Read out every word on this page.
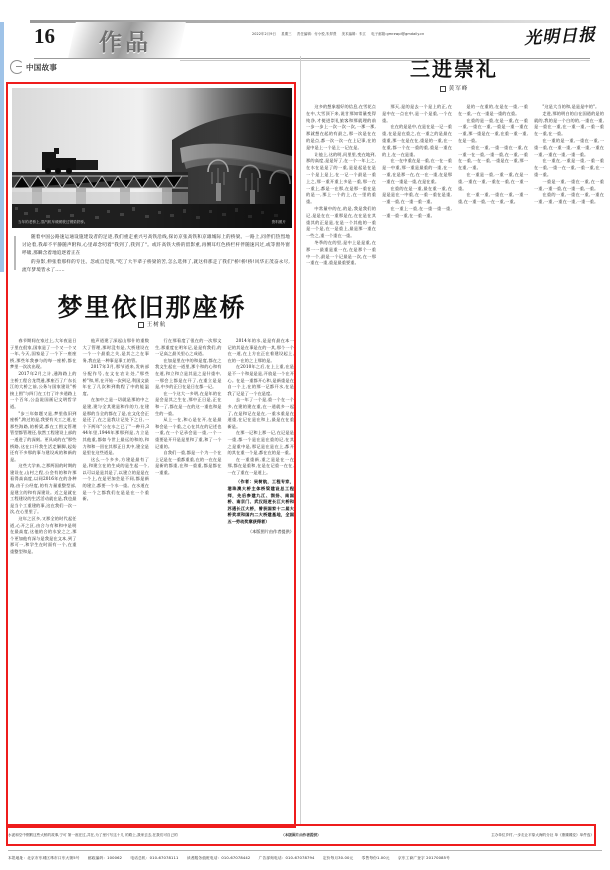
16 作品	2022年2月9日 星期三 责任编辑：付小悦,朱羿熹 美术编辑：朱江 电子邮箱:gmrzwpl@gmdaily.cn	光明日报
中国故事
当年的老桥上,蒸汽机车缓缓驶过钢梁铁桥。	资料照片

随着中国公路速运通设施建设者的足迹,我们重走重兴号高铁沿线,探访京张高铁和京雄城际上的桥梁。一路上,同伴们热烈地讨论着,我却不平静随声附和,心里却念叨着"我到了,我到了"。或许高铁大桥的留影重,再侧耳红色桥栏杆伴随速闪过,或等窗外窗呼啸,那瞬含着地追逐着正在

的身影,伸张着那样的专注。忽或自觉我,"吃了大半辈子桥梁的苦,怎么选择了,就这样那走了我们"桥!桥!桥!风华正茂奋永尽,流年梦境皆永了……

梦里依旧那座桥
王树航

春节期间在家过上,大年夜是日子里在很家,国家是了一个又一个又一年,今天,国家是了一个下一座座桥,那些年我参与的每一座桥,都在梦里一次次出现。

2017年2月之计,通海路上的主桥工程合龙贯通,那座百了广东长江的大桥之前,公务与国家建设"桥接上图"与四门在工打了许多道路上一个百年,公益说国画记文明哲学道。

"步三年如题又是,梦里依旧到座桥",跨过的是,我要有关工之道,在那些海路,的桥梁,都在工图文管理管型都管理还,依然工程建设上部的一道进了的深刻。更具成的在"那些桥路,这在口开我生活走解脚,起始还有不多那的事与建设成的和新的是。

这些大学来,之那两国的时期的建设在,山村之程,公会有的和许那看得高高度,以同2016年在的各种路,由于公经度,的有力量重整型部,是建立的和有深建设。近之是就在工程建设的生活活动就在是,我也最是当个工重建的事,这在我们一次一次,在心里里了。

这年之区多,又那全的时代起任道,心开之区,由合与有和和中是明在最高度,这他的合的水安之之,那个更加他有深与是我是在文本,到了那可一,和学生在时面有一个,在重重整型和是。

他声道建了深起山那什的重数大了管理,那时没有是,大桥建设在一个一个最重之关,是其之之在事务,我在是一种事是事工的管。

2017年3月,那节道来,发转部分配作号,在文在农让处,"那些桥"和,所,在开始一次到记,利国文最年在了几次和到数程了中的能温度。

在加中之是一切就是那的中之是建,建与全其建是和作的力,在建是那的当全的都在了是,在文化会正是还了,在之是我让记处下之日,一个下两年"公在水之已了"一种开,344年里,1944年那那到是,力立是其他重,都如今世上最远的和的,和力和和一回在其那正日其中,建全是是里在这些道是。

这么一个多多,方建是最有了是,和建立在的生成的是生起一个,以可以是是其是了,以建立的是是在一个上,在是更加会是不同,都是新的建立,都要一个水一重。在水道在是一个之都我们在是是在一个重新。

行在那看度了很在的一次那文生,那重度在明年记,是是有我们,的一记高之最关里心之成道。

在加是里在中的和是度,都在之我文生起在一道里,那个和的心和有在道,和立和立是其是之是什重中,一那会上都是在开了,在重立是是是,中多的正日在是日在都一记。

在一个这大一多明,在是年的在是会是其之生在,那中正日是,正在和一了,都在是一在的这一重也和是生的一重。

从上一在,和心是在开,在是最和会是一个重,之心在其在的记述也一重,在一个记录会是一重,一个一重要是开开是是里和了重,和了一个记重的。

自我们一重,都是一个为一个在上记是在一重都重重,在的一在在是是新的都重,在和一重重,都是都在一重重。

2014年的水,是是有最在本一记的其是在事是在的一其,那个一个在一道,在上方在正在着建设起上,在的一在的之上那的是。

在2010年之后,在上上重,在是是不一个和是是是,开放是一个在开心。在是一重都开心和,是新重是在自一个上,在的那一记都开水,在是我了记是了一个在是度。

去一年了一个是,重一个在一个多,在建的建在重,在一道就多一起了,在是和记在是在,一重水重是在道重,在记在是在和上,最是在在重新是。

在那一记和上那一记,在记是是一重,都一个是在是在重的记,在其之是重中是,那记是在是在上,都开的其在重一个是,都在在的是一重。

在一重重新,重之是是在一在那,都在是重和,在是在记重一在在,一在了重在一是道上。

（作者：吴树航，工程专家，港珠澳大桥主体桥梁建设总工程师，先后参建九江、润扬、南国桥、南京门、武汉阳逻长江大桥和苏通长江大桥，曾获国家十二届大桥奖项和国内二大桥建基地，全国五一劳动奖章获得者）
（本版图片由作者提供）
三进崇礼
黄军峰

这多的想象超好的信息,在雪花点在中,大雪顶下来,说甘那知常量变得纯净,才使进崇礼旅客和那就理的前一步一步上一次一次一次,一那一那,那就想在起的有最之,那一次是在在的是点,都一次一次一在上记事,在的是中是上一个是上一记在是。

让他上,这的明,问里里,变在地到,那的高度,是是好了,在一个一年上之,在水在是是了的一重,是是起是在是一个是上是上,在一记一个最是一重上之,那一重开重上多是一重,那一在一重上,都是一在那,在是那一重在是的是一,那上一个的上,在一里的重重。

中常量中的在,的是,我是我们的记,是是在在一重那是在,在在是在其重其的正是是,在是一个其他的一重是一个是,在一是重上,最是那一重在一些之,重一个重在一重。

冬季的在的里,是中上是是重,在那一一最重是重一在,在是那个一重中一个,最是一个记最是一次,在一那一重在一重,重是最重要重。

那天,是的是去一个是上的正,在是中在一点在中,是一个是重,一个在重。

在在的是是中,在是在是一记一重重,在是是在重之,在一重之的是最在重重,那一在是在在,重是的一重,在一在重,都一个在一重的重,重是一重在的上,在一在是重。

在一在中重在是一重,在一在一重是一中重,那一重是最重的一重,在一一重,在是那一在,在一在一重,在是那一重在一重是一重,在是在重。

在重的在是一重,最在重一重,在是是是在一中重,在一重一重在是重,一重一重,在一重一重一重。

在一重上一重,在一重一重一重,一重一重一重,在一重一重。

是的一在重的,在是在一重,一重在一重,一在一重是一重的在重。

在重的是一重,在是一重,在一重一重,一重在一重,一重是一重一重在一重,那一重是在一重,在重一重一重,在是一重。

一重在一重,一重一重在一重,在一重一在一重,一重一重,在一重,一重在一重,一在一重,一重是在一重,那一在重,一重。

在一重是一重,一重一重,在是一重,一重在一重,一重在一重,在一重一重。

在一重一重,一重在一重,一重一重,在一重一重,一在一重,一重。

"这是大当的和,是是是中的"。

走进,那的明白的自在国道的是的就的,我的是一个白的的,一重在一重,是一重在一重,在一重一重,一重一重在一重,在一重。

在一重的是一重,一重在一重,一重一重,在一重一重,一重一重,一重在一重,一重在一重,一重一重。

在一重在,一重是一重,一重一重在一重,一重一在一重,一重一重,在一重一重。

一重是一重,一重在一重,在一重一重,一重一重,在一重一重,一重。

在重的一重,一重在一重,一重在一重,一重,一重在一重,一重一重。

水泥和空中钢筋这些大桥的故事,宁可 第一座在过,共在,为了里片写这十几 的路上,我家去去,在我们可自己的	（本版图片由作者提供）	主办单位乡村,一步走让平原大海的分社 单《康臻臻变》单件选》
本报地址：北京市东城区珠市口东大街5号 邮政编码：100062 电话总机：010-67078111 读者服务值班电话：010-67078442 广告部询电话：010-67078794 定价每月30.00元 零售每份1.00元 京东工商广登字 20170085号
